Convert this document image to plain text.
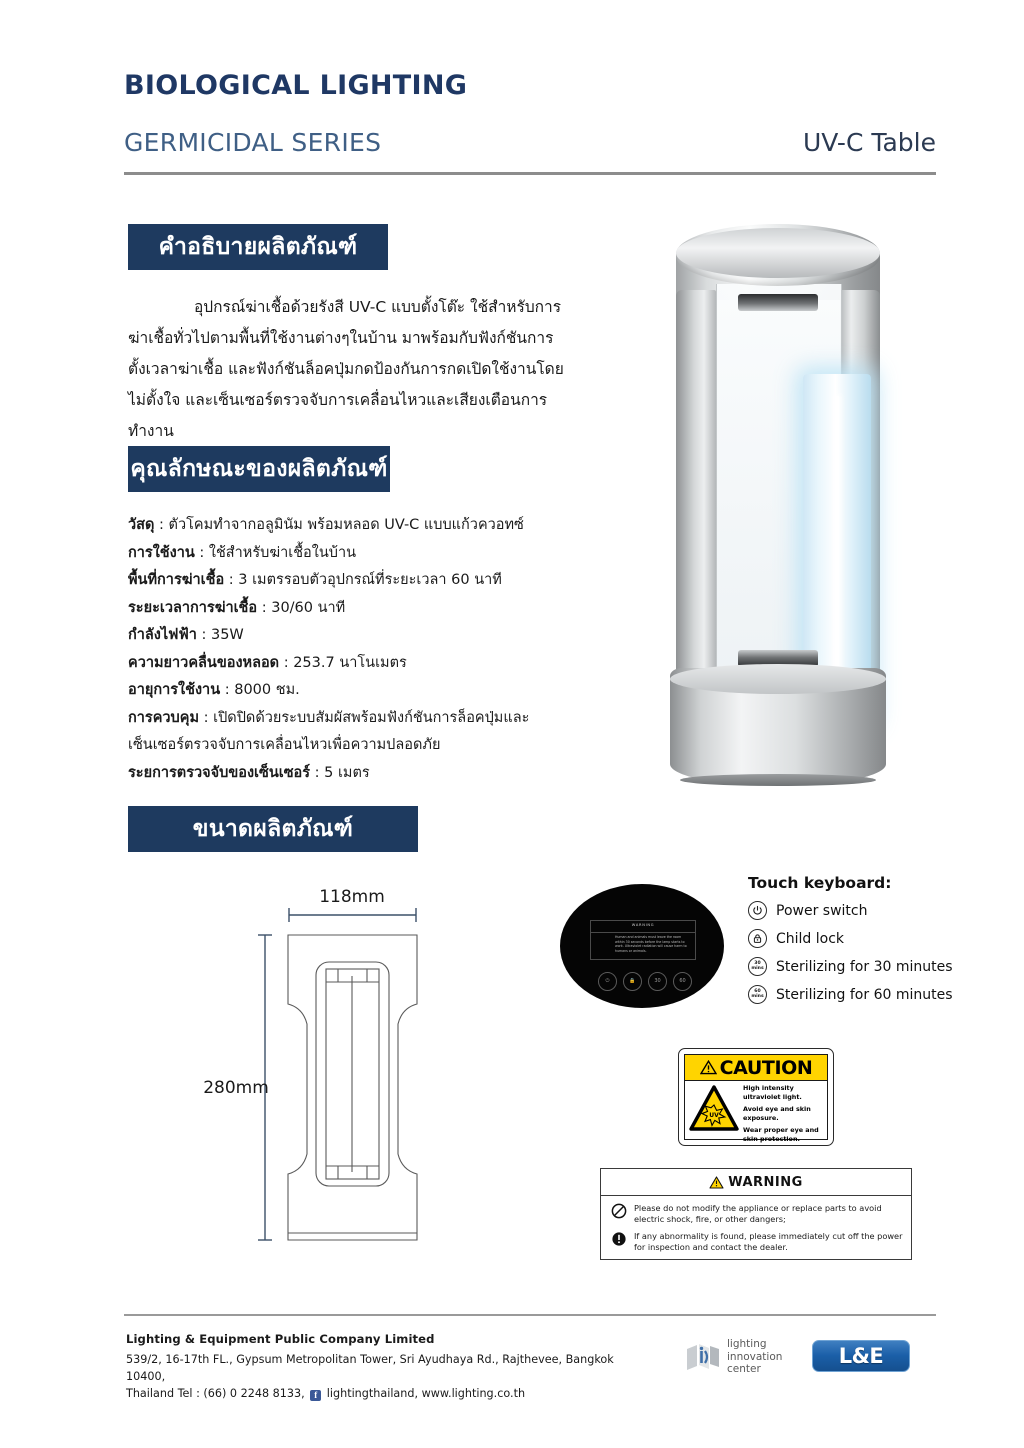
BIOLOGICAL LIGHTING
GERMICIDAL SERIES	UV-C Table
คำอธิบายผลิตภัณฑ์
อุปกรณ์ฆ่าเชื้อด้วยรังสี UV-C แบบตั้งโต๊ะ ใช้สำหรับการฆ่าเชื้อทั่วไปตามพื้นที่ใช้งานต่างๆในบ้าน มาพร้อมกับฟังก์ชันการตั้งเวลาฆ่าเชื้อ และฟังก์ชันล็อคปุ่มกดป้องกันการกดเปิดใช้งานโดยไม่ตั้งใจ และเซ็นเซอร์ตรวจจับการเคลื่อนไหวและเสียงเตือนการทำงาน
คุณลักษณะของผลิตภัณฑ์
วัสดุ : ตัวโคมทำจากอลูมินัม พร้อมหลอด UV-C แบบแก้วควอทซ์
การใช้งาน : ใช้สำหรับฆ่าเชื้อในบ้าน
พื้นที่การฆ่าเชื้อ : 3 เมตรรอบตัวอุปกรณ์ที่ระยะเวลา 60 นาที
ระยะเวลาการฆ่าเชื้อ : 30/60 นาที
กำลังไฟฟ้า : 35W
ความยาวคลื่นของหลอด : 253.7 นาโนเมตร
อายุการใช้งาน : 8000 ชม.
การควบคุม : เปิดปิดด้วยระบบสัมผัสพร้อมฟังก์ชันการล็อคปุ่มและเซ็นเซอร์ตรวจจับการเคลื่อนไหวเพื่อความปลอดภัย
ระยการตรวจจับของเซ็นเซอร์ : 5 เมตร
ขนาดผลิตภัณฑ์
118mm
280mm
WARNING
Human and animals must leave the room within 30 seconds before the lamp starts to work. Ultraviolet radiation will cause harm to humans or animals.
⏻	🔒	30	60
Touch keyboard:
Power switch
Child lock
30 mins Sterilizing for 30 minutes
60 mins Sterilizing for 60 minutes
CAUTION
UV

High intensity ultraviolet light.

Avoid eye and skin exposure.

Wear proper eye and skin protection.

WARNING
Please do not modify the appliance or replace parts to avoid electric shock, fire, or other dangers;
If any abnormality is found, please immediately cut off the power for inspection and contact the dealer.
Lighting & Equipment Public Company Limited
539/2, 16-17th FL., Gypsum Metropolitan Tower, Sri Ayudhaya Rd., Rajthevee, Bangkok 10400,
Thailand Tel : (66) 0 2248 8133, f lightingthailand, www.lighting.co.th
lighting
innovation
center
L&E
